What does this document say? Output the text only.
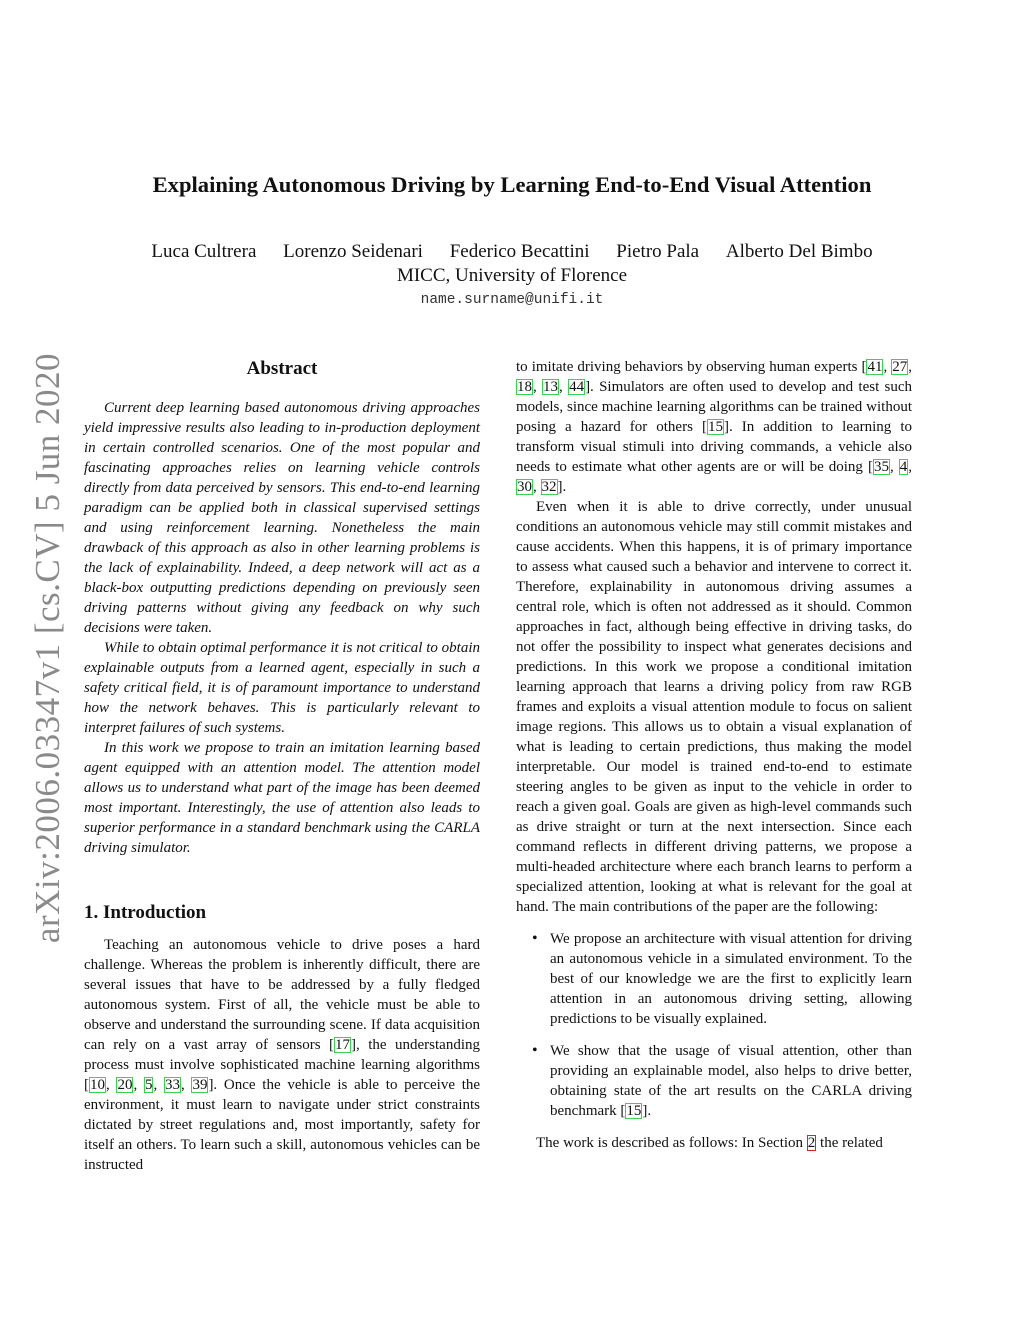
arXiv:2006.03347v1 [cs.CV] 5 Jun 2020
Explaining Autonomous Driving by Learning End-to-End Visual Attention
Luca Cultrera Lorenzo Seidenari Federico Becattini Pietro Pala Alberto Del Bimbo
MICC, University of Florence
name.surname@unifi.it
Abstract

Current deep learning based autonomous driving approaches yield impressive results also leading to in-production deployment in certain controlled scenarios. One of the most popular and fascinating approaches relies on learning vehicle controls directly from data perceived by sensors. This end-to-end learning paradigm can be applied both in classical supervised settings and using reinforcement learning. Nonetheless the main drawback of this approach as also in other learning problems is the lack of explainability. Indeed, a deep network will act as a black-box outputting predictions depending on previously seen driving patterns without giving any feedback on why such decisions were taken.

While to obtain optimal performance it is not critical to obtain explainable outputs from a learned agent, especially in such a safety critical field, it is of paramount importance to understand how the network behaves. This is particularly relevant to interpret failures of such systems.

In this work we propose to train an imitation learning based agent equipped with an attention model. The attention model allows us to understand what part of the image has been deemed most important. Interestingly, the use of attention also leads to superior performance in a standard benchmark using the CARLA driving simulator.

1. Introduction

Teaching an autonomous vehicle to drive poses a hard challenge. Whereas the problem is inherently difficult, there are several issues that have to be addressed by a fully fledged autonomous system. First of all, the vehicle must be able to observe and understand the surrounding scene. If data acquisition can rely on a vast array of sensors [17], the understanding process must involve sophisticated machine learning algorithms [10, 20, 5, 33, 39]. Once the vehicle is able to perceive the environment, it must learn to navigate under strict constraints dictated by street regulations and, most importantly, safety for itself an others. To learn such a skill, autonomous vehicles can be instructed

to imitate driving behaviors by observing human experts [41, 27, 18, 13, 44]. Simulators are often used to develop and test such models, since machine learning algorithms can be trained without posing a hazard for others [15]. In addition to learning to transform visual stimuli into driving commands, a vehicle also needs to estimate what other agents are or will be doing [35, 4, 30, 32].

Even when it is able to drive correctly, under unusual conditions an autonomous vehicle may still commit mistakes and cause accidents. When this happens, it is of primary importance to assess what caused such a behavior and intervene to correct it. Therefore, explainability in autonomous driving assumes a central role, which is often not addressed as it should. Common approaches in fact, although being effective in driving tasks, do not offer the possibility to inspect what generates decisions and predictions. In this work we propose a conditional imitation learning approach that learns a driving policy from raw RGB frames and exploits a visual attention module to focus on salient image regions. This allows us to obtain a visual explanation of what is leading to certain predictions, thus making the model interpretable. Our model is trained end-to-end to estimate steering angles to be given as input to the vehicle in order to reach a given goal. Goals are given as high-level commands such as drive straight or turn at the next intersection. Since each command reflects in different driving patterns, we propose a multi-headed architecture where each branch learns to perform a specialized attention, looking at what is relevant for the goal at hand. The main contributions of the paper are the following:

• We propose an architecture with visual attention for driving an autonomous vehicle in a simulated environment. To the best of our knowledge we are the first to explicitly learn attention in an autonomous driving setting, allowing predictions to be visually explained.
• We show that the usage of visual attention, other than providing an explainable model, also helps to drive better, obtaining state of the art results on the CARLA driving benchmark [15].

The work is described as follows: In Section 2 the related
